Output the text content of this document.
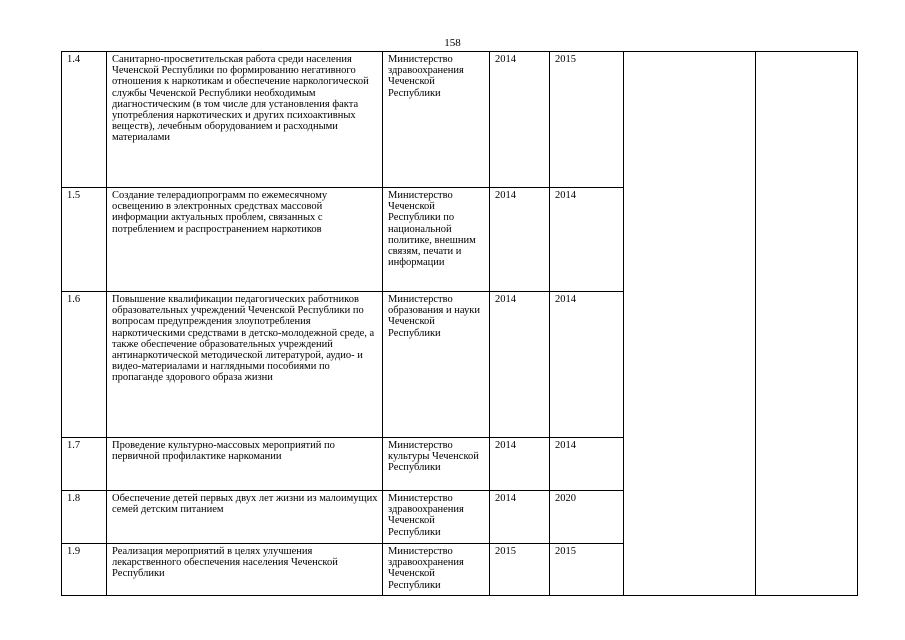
158
1.4	Санитарно-просветительская работа среди населения Чеченской Республики по формированию негативного отношения к наркотикам и обеспечение наркологической службы Чеченской Республики необходимым диагностическим (в том числе для установления факта употребления наркотических и других психоактивных веществ), лечебным оборудованием и расходными материалами	Министерство здравоохранения Чеченской Республики	2014	2015		
1.5	Создание телерадиопрограмм по ежемесячному освещению в электронных средствах массовой информации актуальных проблем, связанных с потреблением и распространением наркотиков	Министерство Чеченской Республики по национальной политике, внешним связям, печати и информации	2014	2014		
1.6	Повышение квалификации педагогических работников образовательных учреждений Чеченской Республики по вопросам предупреждения злоупотребления наркотическими средствами в детско-молодежной среде, а также обеспечение образовательных учреждений антинаркотической методической литературой, аудио- и видео-материалами и наглядными пособиями по пропаганде здорового образа жизни	Министерство образования и науки Чеченской Республики	2014	2014		
1.7	Проведение культурно-массовых мероприятий по первичной профилактике наркомании	Министерство культуры Чеченской Республики	2014	2014		
1.8	Обеспечение детей первых двух лет жизни из малоимущих семей детским питанием	Министерство здравоохранения Чеченской Республики	2014	2020		
1.9	Реализация мероприятий в целях улучшения лекарственного обеспечения населения Чеченской Республики	Министерство здравоохранения Чеченской Республики	2015	2015		
